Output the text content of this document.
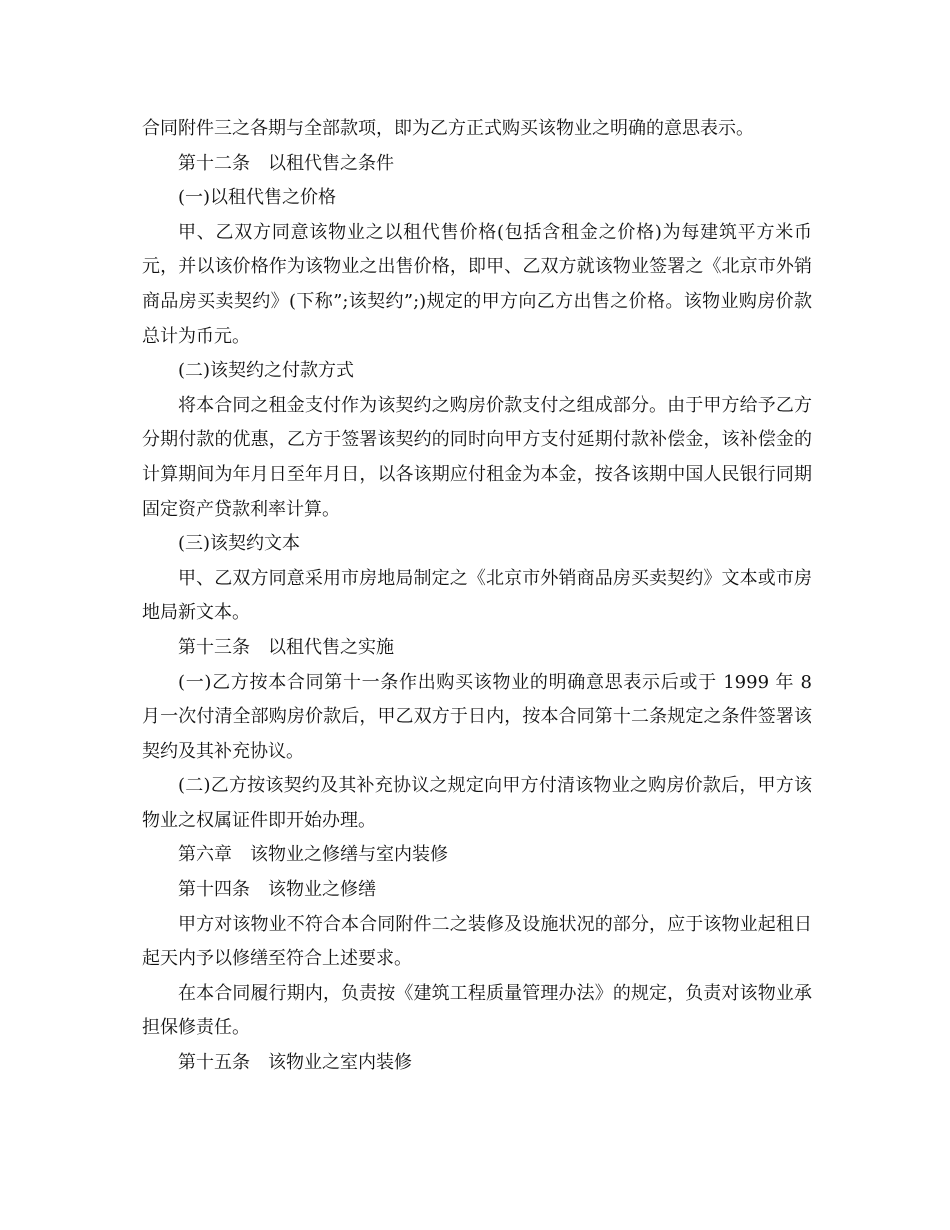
合同附件三之各期与全部款项，即为乙方正式购买该物业之明确的意思表示。

第十二条　以租代售之条件

(一)以租代售之价格

甲、乙双方同意该物业之以租代售价格(包括含租金之价格)为每建筑平方米币元，并以该价格作为该物业之出售价格，即甲、乙双方就该物业签署之《北京市外销商品房买卖契约》(下称”;该契约”;)规定的甲方向乙方出售之价格。该物业购房价款总计为币元。

(二)该契约之付款方式

将本合同之租金支付作为该契约之购房价款支付之组成部分。由于甲方给予乙方分期付款的优惠，乙方于签署该契约的同时向甲方支付延期付款补偿金，该补偿金的计算期间为年月日至年月日，以各该期应付租金为本金，按各该期中国人民银行同期固定资产贷款利率计算。

(三)该契约文本

甲、乙双方同意采用市房地局制定之《北京市外销商品房买卖契约》文本或市房地局新文本。

第十三条　以租代售之实施

(一)乙方按本合同第十一条作出购买该物业的明确意思表示后或于 1999 年 8 月一次付清全部购房价款后，甲乙双方于日内，按本合同第十二条规定之条件签署该契约及其补充协议。

(二)乙方按该契约及其补充协议之规定向甲方付清该物业之购房价款后，甲方该物业之权属证件即开始办理。

第六章　该物业之修缮与室内装修

第十四条　该物业之修缮

甲方对该物业不符合本合同附件二之装修及设施状况的部分，应于该物业起租日起天内予以修缮至符合上述要求。

在本合同履行期内，负责按《建筑工程质量管理办法》的规定，负责对该物业承担保修责任。

第十五条　该物业之室内装修
